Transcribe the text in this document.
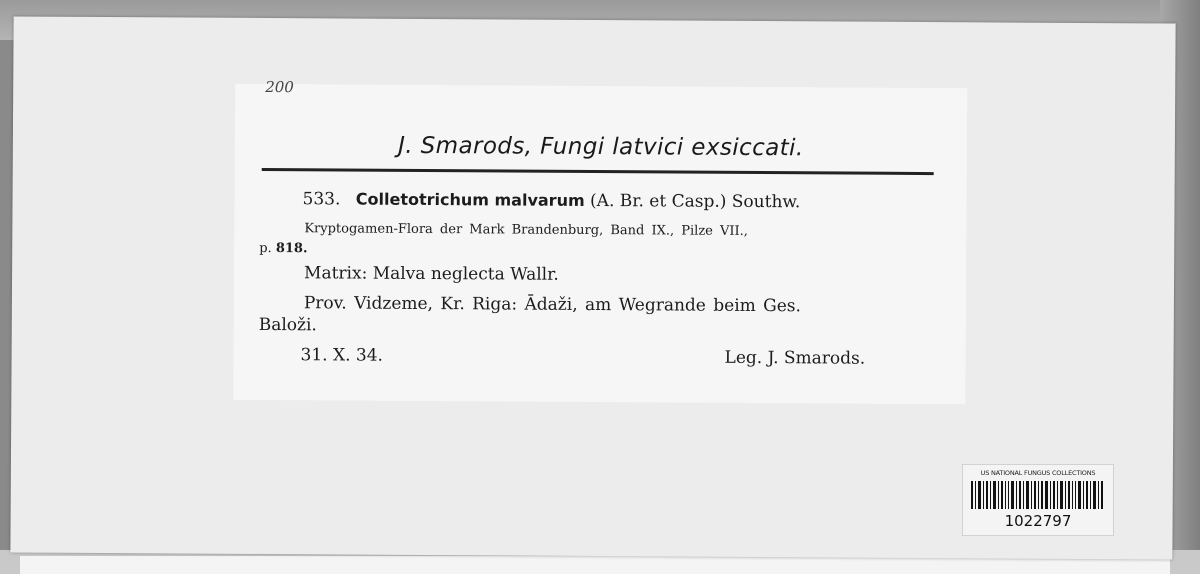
200
J. Smarods, Fungi latvici exsiccati.
533. Colletotrichum malvarum (A. Br. et Casp.) Southw.
Kryptogamen-Flora der Mark Brandenburg, Band IX., Pilze VII.,
p. 818.
Matrix: Malva neglecta Wallr.
Prov. Vidzeme, Kr. Riga: Ādaži, am Wegrande beim Ges.
Baloži.
31. X. 34.	Leg. J. Smarods.
US NATIONAL FUNGUS COLLECTIONS
1022797
